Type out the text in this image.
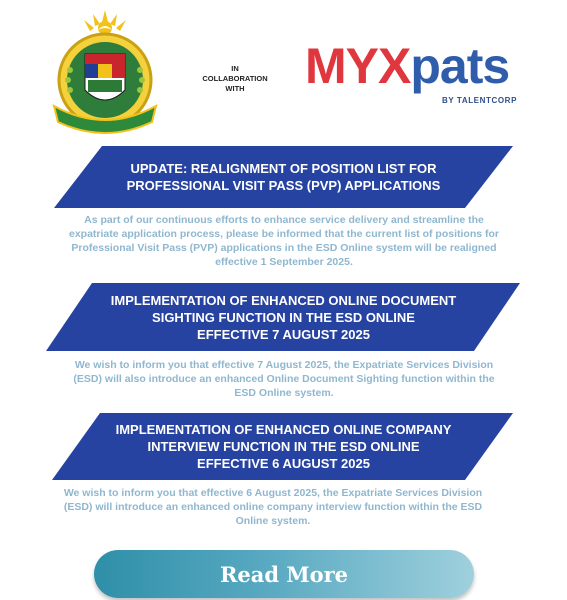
IN
COLLABORATION
WITH	MYXpats
BY TALENTCORP
UPDATE: REALIGNMENT OF POSITION LIST FOR
PROFESSIONAL VISIT PASS (PVP) APPLICATIONS
As part of our continuous efforts to enhance service delivery and streamline the
expatriate application process, please be informed that the current list of positions for
Professional Visit Pass (PVP) applications in the ESD Online system will be realigned
effective 1 September 2025.
IMPLEMENTATION OF ENHANCED ONLINE DOCUMENT
SIGHTING FUNCTION IN THE ESD ONLINE
EFFECTIVE 7 AUGUST 2025
We wish to inform you that effective 7 August 2025, the Expatriate Services Division
(ESD) will also introduce an enhanced Online Document Sighting function within the
ESD Online system.
IMPLEMENTATION OF ENHANCED ONLINE COMPANY
INTERVIEW FUNCTION IN THE ESD ONLINE
EFFECTIVE 6 AUGUST 2025
We wish to inform you that effective 6 August 2025, the Expatriate Services Division
(ESD) will introduce an enhanced online company interview function within the ESD
Online system.
Read More
